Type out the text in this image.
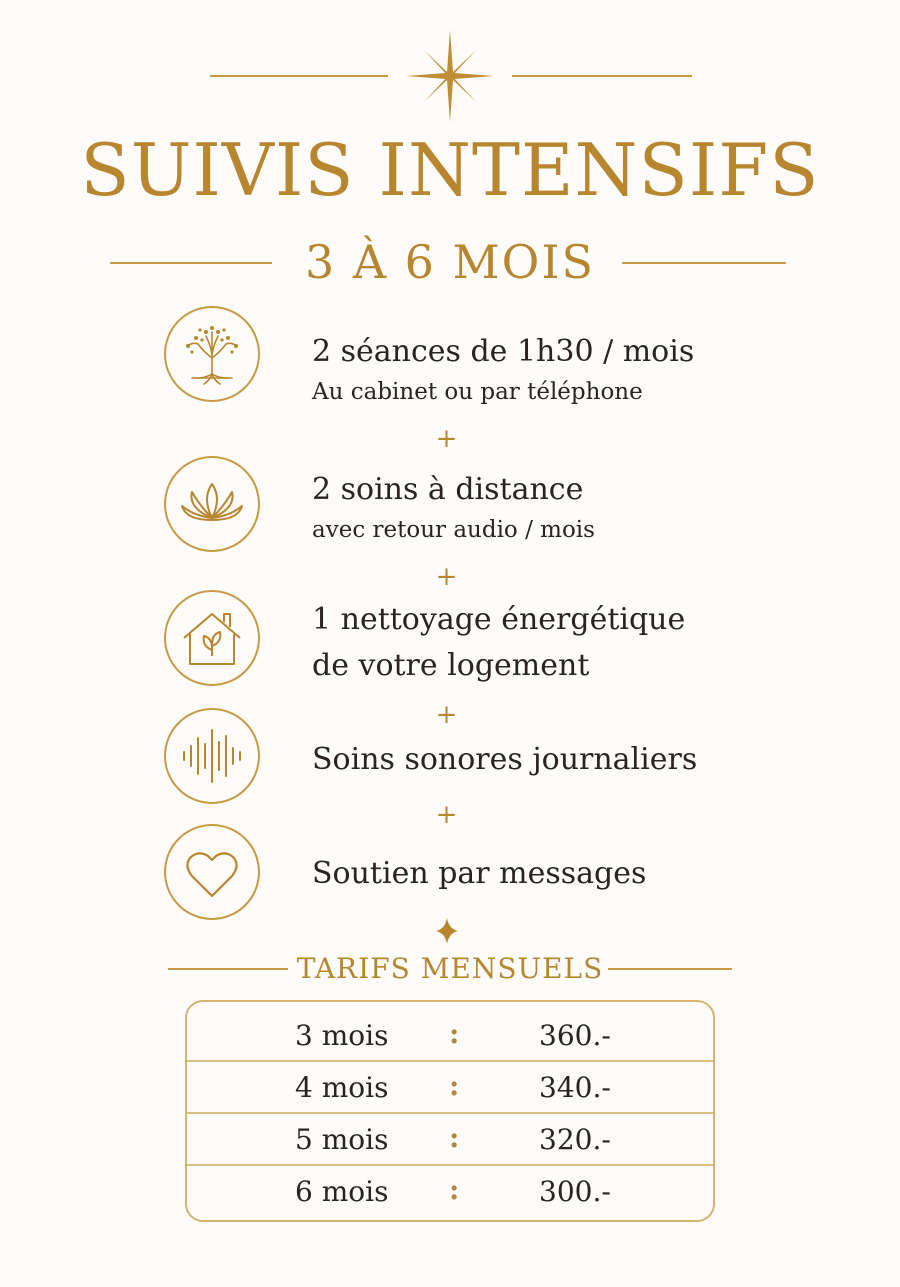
SUIVIS INTENSIFS
3 À 6 MOIS
2 séances de 1h30 / mois
Au cabinet ou par téléphone
+
2 soins à distance
avec retour audio / mois
+
1 nettoyage énergétique
de votre logement
+
Soins sonores journaliers
+
Soutien par messages
TARIFS MENSUELS
3 mois :	360.-
4 mois :	340.-
5 mois :	320.-
6 mois :	300.-
